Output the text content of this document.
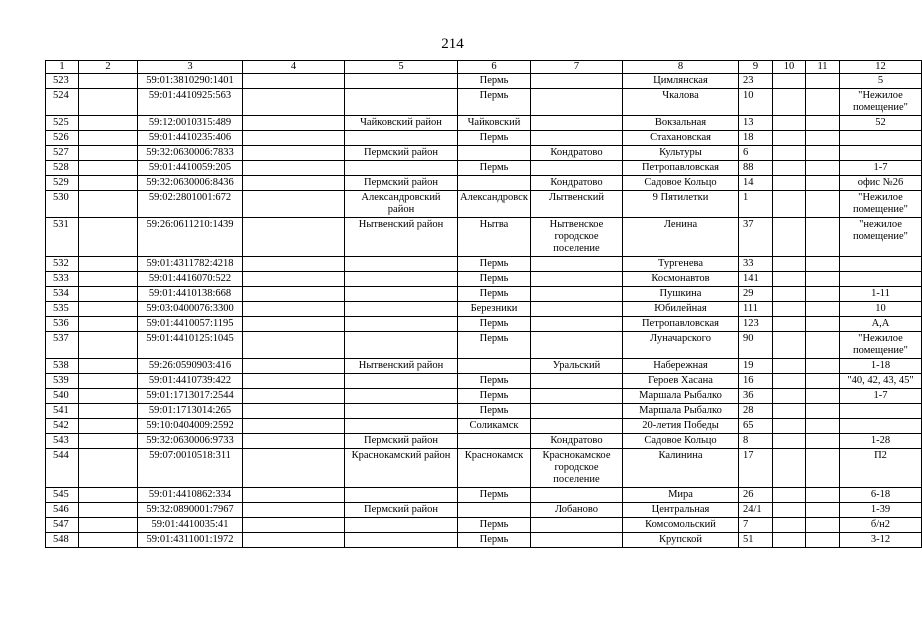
214
1	2	3	4	5	6	7	8	9	10	11	12
523		59:01:3810290:1401			Пермь		Цимлянская	23			5
524		59:01:4410925:563			Пермь		Чкалова	10			"Нежилое помещение"
525		59:12:0010315:489		Чайковский район	Чайковский		Вокзальная	13			52
526		59:01:4410235:406			Пермь		Стахановская	18			
527		59:32:0630006:7833		Пермский район		Кондратово	Культуры	6			
528		59:01:4410059:205			Пермь		Петропавловская	88			1-7
529		59:32:0630006:8436		Пермский район		Кондратово	Садовое Кольцо	14			офис №26
530		59:02:2801001:672		Александровский район	Александровск	Лытвенский	9 Пятилетки	1			"Нежилое помещение"
531		59:26:0611210:1439		Нытвенский район	Нытва	Нытвенское городское поселение	Ленина	37			"нежилое помещение"
532		59:01:4311782:4218			Пермь		Тургенева	33			
533		59:01:4416070:522			Пермь		Космонавтов	141			
534		59:01:4410138:668			Пермь		Пушкина	29			1-11
535		59:03:0400076:3300			Березники		Юбилейная	111			10
536		59:01:4410057:1195			Пермь		Петропавловская	123			А,А
537		59:01:4410125:1045			Пермь		Луначарского	90			"Нежилое помещение"
538		59:26:0590903:416		Нытвенский район		Уральский	Набережная	19			1-18
539		59:01:4410739:422			Пермь		Героев Хасана	16			"40, 42, 43, 45"
540		59:01:1713017:2544			Пермь		Маршала Рыбалко	36			1-7
541		59:01:1713014:265			Пермь		Маршала Рыбалко	28			
542		59:10:0404009:2592			Соликамск		20-летия Победы	65			
543		59:32:0630006:9733		Пермский район		Кондратово	Садовое Кольцо	8			1-28
544		59:07:0010518:311		Краснокамский район	Краснокамск	Краснокамское городское поселение	Калинина	17			П2
545		59:01:4410862:334			Пермь		Мира	26			6-18
546		59:32:0890001:7967		Пермский район		Лобаново	Центральная	24/1			1-39
547		59:01:4410035:41			Пермь		Комсомольский	7			б/н2
548		59:01:4311001:1972			Пермь		Крупской	51			3-12
